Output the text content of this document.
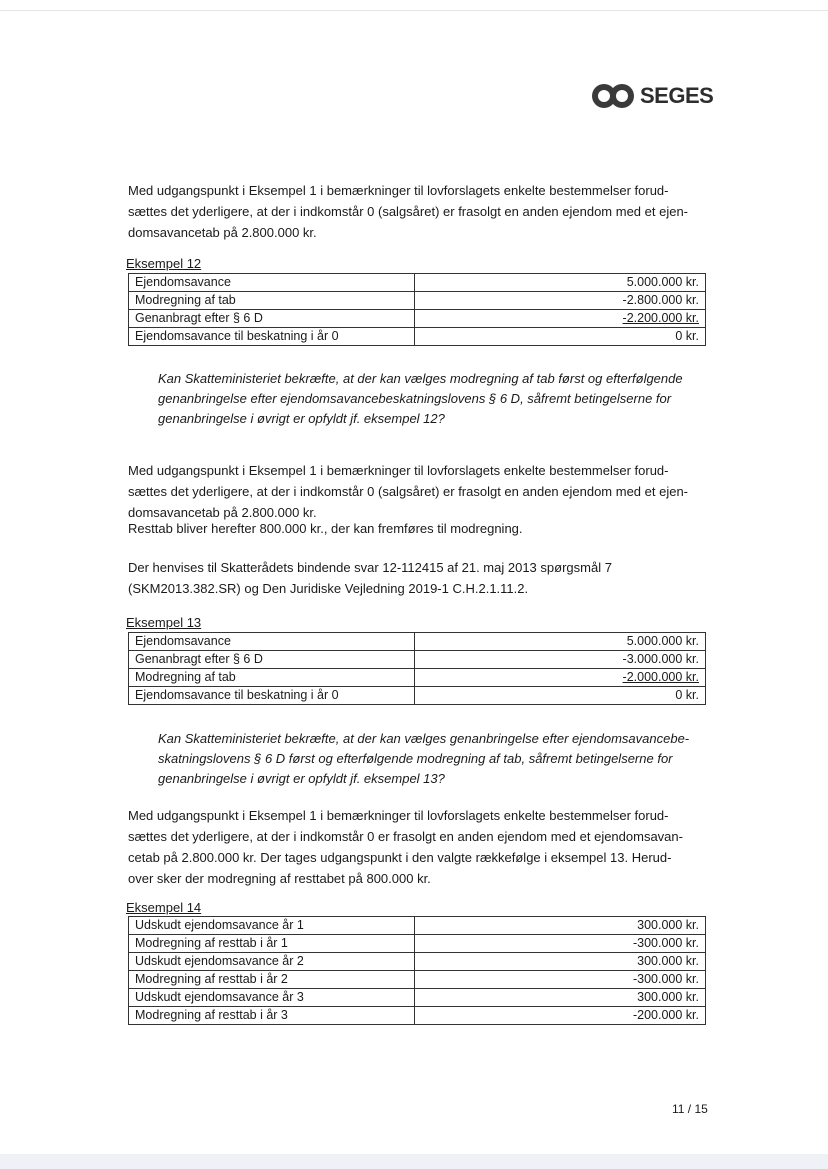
SEGES

Med udgangspunkt i Eksempel 1 i bemærkninger til lovforslagets enkelte bestemmelser forud-
sættes det yderligere, at der i indkomstår 0 (salgsåret) er frasolgt en anden ejendom med et ejen-
domsavancetab på 2.800.000 kr.

Eksempel 12
Ejendomsavance	5.000.000 kr.
Modregning af tab	-2.800.000 kr.
Genanbragt efter § 6 D	-2.200.000 kr.
Ejendomsavance til beskatning i år 0	0 kr.

Kan Skatteministeriet bekræfte, at der kan vælges modregning af tab først og efterfølgende
genanbringelse efter ejendomsavancebeskatningslovens § 6 D, såfremt betingelserne for
genanbringelse i øvrigt er opfyldt jf. eksempel 12?

Med udgangspunkt i Eksempel 1 i bemærkninger til lovforslagets enkelte bestemmelser forud-
sættes det yderligere, at der i indkomstår 0 (salgsåret) er frasolgt en anden ejendom med et ejen-
domsavancetab på 2.800.000 kr.

Resttab bliver herefter 800.000 kr., der kan fremføres til modregning.

Der henvises til Skatterådets bindende svar 12-112415 af 21. maj 2013 spørgsmål 7
(SKM2013.382.SR) og Den Juridiske Vejledning 2019-1 C.H.2.1.11.2.

Eksempel 13
Ejendomsavance	5.000.000 kr.
Genanbragt efter § 6 D	-3.000.000 kr.
Modregning af tab	-2.000.000 kr.
Ejendomsavance til beskatning i år 0	0 kr.

Kan Skatteministeriet bekræfte, at der kan vælges genanbringelse efter ejendomsavancebe-
skatningslovens § 6 D først og efterfølgende modregning af tab, såfremt betingelserne for
genanbringelse i øvrigt er opfyldt jf. eksempel 13?

Med udgangspunkt i Eksempel 1 i bemærkninger til lovforslagets enkelte bestemmelser forud-
sættes det yderligere, at der i indkomstår 0 er frasolgt en anden ejendom med et ejendomsavan-
cetab på 2.800.000 kr. Der tages udgangspunkt i den valgte rækkefølge i eksempel 13. Herud-
over sker der modregning af resttabet på 800.000 kr.

Eksempel 14
Udskudt ejendomsavance år 1	300.000 kr.
Modregning af resttab i år 1	-300.000 kr.
Udskudt ejendomsavance år 2	300.000 kr.
Modregning af resttab i år 2	-300.000 kr.
Udskudt ejendomsavance år 3	300.000 kr.
Modregning af resttab i år 3	-200.000 kr.
11 / 15
